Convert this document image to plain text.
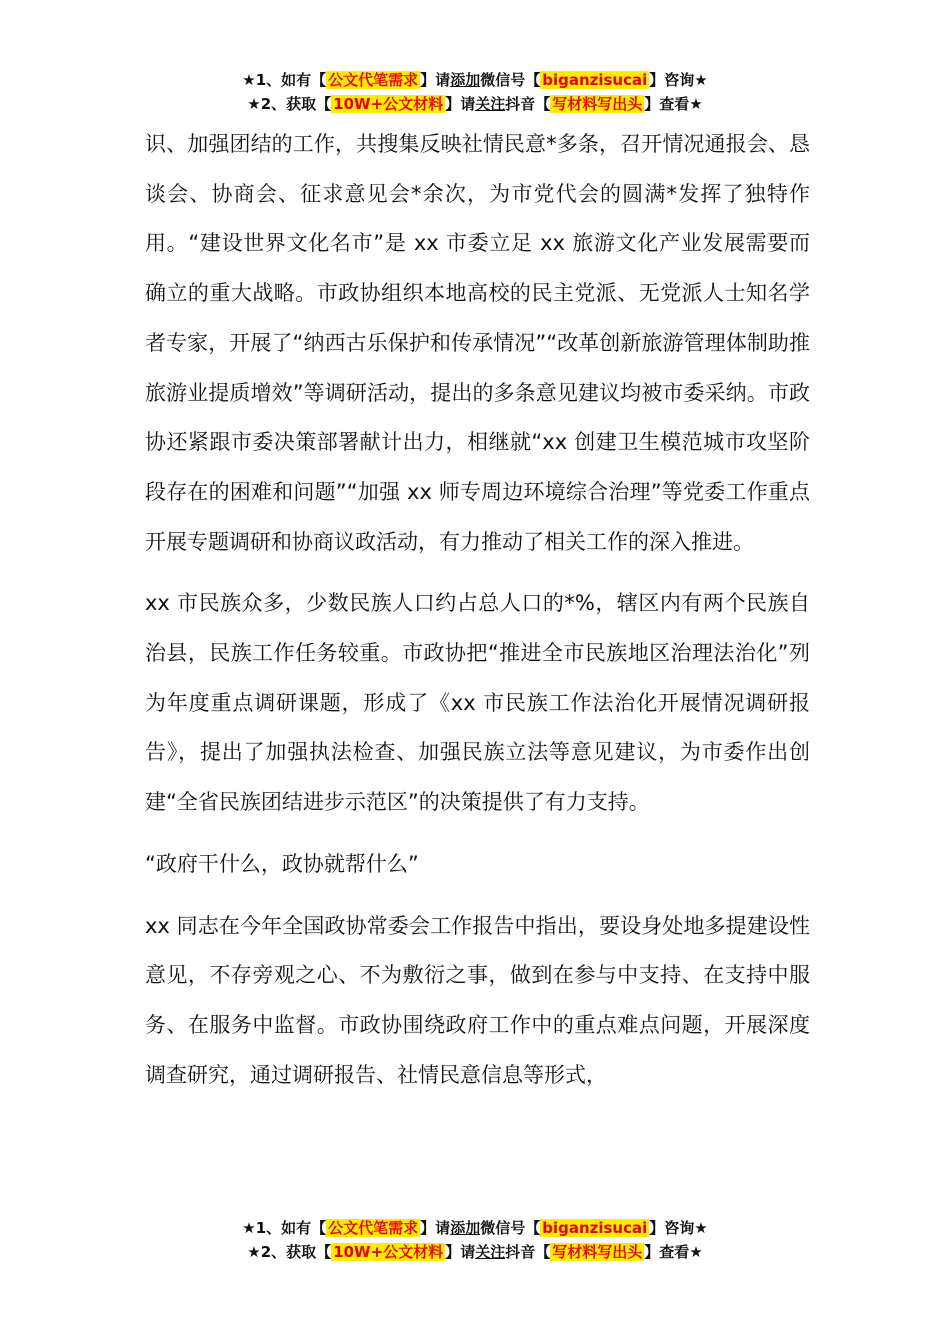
★1、如有【 公文代笔需求 】请添加微信号【 biganzisucai 】咨询★
★2、获取【 10W+公文材料 】请关注抖音【 写材料写出头 】查看★

识、加强团结的工作，共搜集反映社情民意*多条，召开情况通报会、恳谈会、协商会、征求意见会*余次，为市党代会的圆满*发挥了独特作用。“建设世界文化名市”是 xx 市委立足 xx 旅游文化产业发展需要而确立的重大战略。市政协组织本地高校的民主党派、无党派人士知名学者专家，开展了“纳西古乐保护和传承情况”“改革创新旅游管理体制助推旅游业提质增效”等调研活动，提出的多条意见建议均被市委采纳。市政协还紧跟市委决策部署献计出力，相继就“xx 创建卫生模范城市攻坚阶段存在的困难和问题”“加强 xx 师专周边环境综合治理”等党委工作重点开展专题调研和协商议政活动，有力推动了相关工作的深入推进。

xx 市民族众多，少数民族人口约占总人口的*%，辖区内有两个民族自治县，民族工作任务较重。市政协把“推进全市民族地区治理法治化”列为年度重点调研课题，形成了《xx 市民族工作法治化开展情况调研报告》，提出了加强执法检查、加强民族立法等意见建议，为市委作出创建“全省民族团结进步示范区”的决策提供了有力支持。

“政府干什么，政协就帮什么”

xx 同志在今年全国政协常委会工作报告中指出，要设身处地多提建设性意见，不存旁观之心、不为敷衍之事，做到在参与中支持、在支持中服务、在服务中监督。市政协围绕政府工作中的重点难点问题，开展深度调查研究，通过调研报告、社情民意信息等形式，

★1、如有【 公文代笔需求 】请添加微信号【 biganzisucai 】咨询★
★2、获取【 10W+公文材料 】请关注抖音【 写材料写出头 】查看★
